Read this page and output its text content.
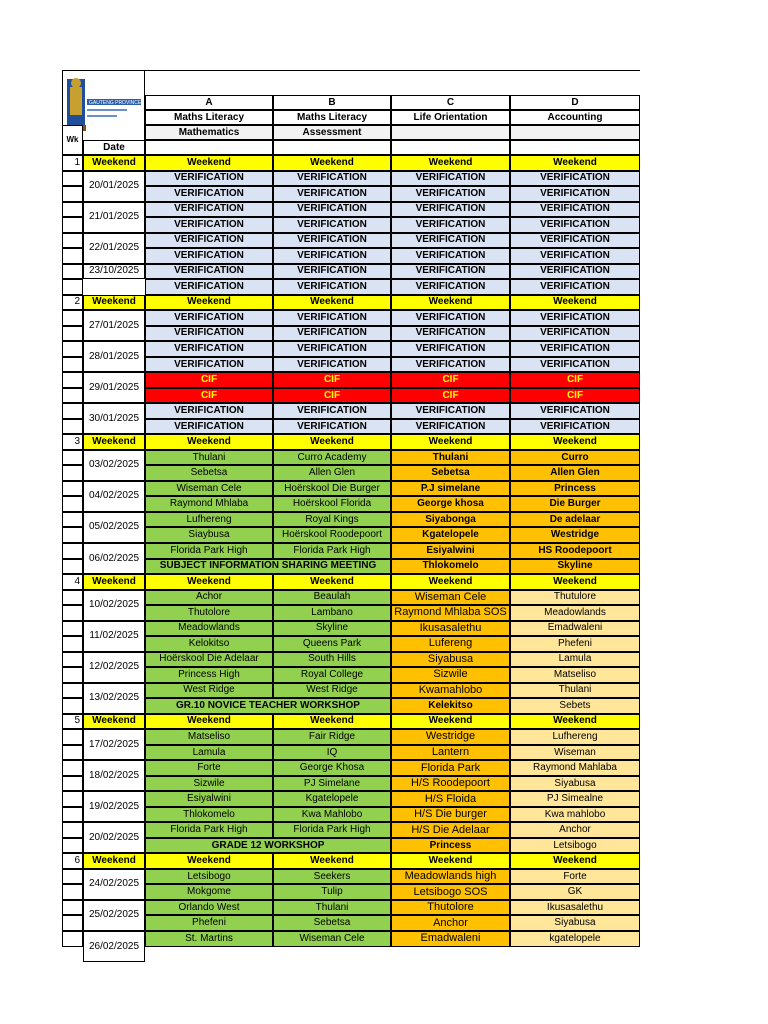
GAUTENG PROVINCE	A	B	C	D
Maths Literacy	Maths Literacy	Life Orientation	Accounting
Mathematics	Assessment
Wk
Date
1	Weekend	Weekend	Weekend	Weekend	Weekend
20/01/2025
VERIFICATION	VERIFICATION	VERIFICATION	VERIFICATION
VERIFICATION	VERIFICATION	VERIFICATION	VERIFICATION
21/01/2025
VERIFICATION	VERIFICATION	VERIFICATION	VERIFICATION
VERIFICATION	VERIFICATION	VERIFICATION	VERIFICATION
22/01/2025
VERIFICATION	VERIFICATION	VERIFICATION	VERIFICATION
VERIFICATION	VERIFICATION	VERIFICATION	VERIFICATION
23/10/2025	VERIFICATION	VERIFICATION	VERIFICATION	VERIFICATION
VERIFICATION	VERIFICATION	VERIFICATION	VERIFICATION
2	Weekend	Weekend	Weekend	Weekend	Weekend
27/01/2025
VERIFICATION	VERIFICATION	VERIFICATION	VERIFICATION
VERIFICATION	VERIFICATION	VERIFICATION	VERIFICATION
28/01/2025
VERIFICATION	VERIFICATION	VERIFICATION	VERIFICATION
VERIFICATION	VERIFICATION	VERIFICATION	VERIFICATION
29/01/2025
CIF	CIF	CIF	CIF
CIF	CIF	CIF	CIF
30/01/2025
VERIFICATION	VERIFICATION	VERIFICATION	VERIFICATION
VERIFICATION	VERIFICATION	VERIFICATION	VERIFICATION
3	Weekend	Weekend	Weekend	Weekend	Weekend
03/02/2025
Thulani	Curro Academy	Thulani	Curro
Sebetsa	Allen Glen	Sebetsa	Allen Glen
04/02/2025
Wiseman Cele	Hoërskool Die Burger	P.J simelane	Princess
Raymond Mhlaba	Hoërskool Florida	George khosa	Die Burger
05/02/2025
Lufhereng	Royal Kings	Siyabonga	De adelaar
Siaybusa	Hoërskool Roodepoort	Kgatelopele	Westridge
06/02/2025
Florida Park High	Florida Park High	Esiyalwini	HS Roodepoort
SUBJECT INFORMATION SHARING MEETING	Thlokomelo	Skyline
4	Weekend	Weekend	Weekend	Weekend	Weekend
10/02/2025
Achor	Beaulah	Wiseman Cele	Thutulore
Thutolore	Lambano	Raymond Mhlaba SOS	Meadowlands
11/02/2025
Meadowlands	Skyline	Ikusasalethu	Emadwaleni
Kelokitso	Queens Park	Lufereng	Phefeni
12/02/2025
Hoërskool Die Adelaar	South Hills	Siyabusa	Lamula
Princess High	Royal College	Sizwile	Matseliso
13/02/2025
West Ridge	West Ridge	Kwamahlobo	Thulani
GR.10 NOVICE TEACHER WORKSHOP	Kelekitso	Sebets
5	Weekend	Weekend	Weekend	Weekend	Weekend
17/02/2025
Matseliso	Fair Ridge	Westridge	Lufhereng
Lamula	IQ	Lantern	Wiseman
18/02/2025
Forte	George Khosa	Florida Park	Raymond Mahlaba
Sizwile	PJ Simelane	H/S Roodepoort	Siyabusa
19/02/2025
Esiyalwini	Kgatelopele	H/S Floida	PJ Simealne
Thlokomelo	Kwa Mahlobo	H/S Die burger	Kwa mahlobo
20/02/2025
Florida Park High	Florida Park High	H/S Die Adelaar	Anchor
GRADE 12 WORKSHOP	Princess	Letsibogo
6	Weekend	Weekend	Weekend	Weekend	Weekend
24/02/2025
Letsibogo	Seekers	Meadowlands high	Forte
Mokgome	Tulip	Letsibogo SOS	GK
25/02/2025
Orlando West	Thulani	Thutolore	Ikusasalethu
Phefeni	Sebetsa	Anchor	Siyabusa
26/02/2025
St. Martins	Wiseman Cele	Emadwaleni	kgatelopele
